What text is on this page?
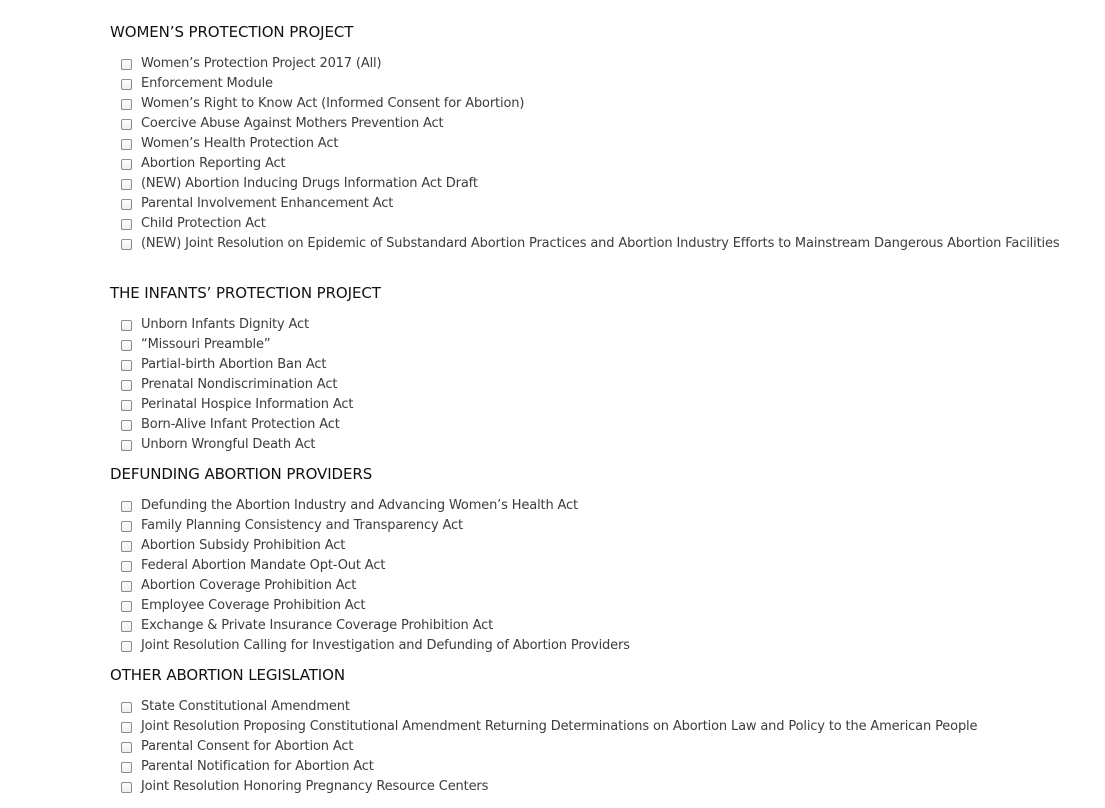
WOMEN’S PROTECTION PROJECT
Women’s Protection Project 2017 (All)
Enforcement Module
Women’s Right to Know Act (Informed Consent for Abortion)
Coercive Abuse Against Mothers Prevention Act
Women’s Health Protection Act
Abortion Reporting Act
(NEW) Abortion Inducing Drugs Information Act Draft
Parental Involvement Enhancement Act
Child Protection Act
(NEW) Joint Resolution on Epidemic of Substandard Abortion Practices and Abortion Industry Efforts to Mainstream Dangerous Abortion Facilities
THE INFANTS’ PROTECTION PROJECT
Unborn Infants Dignity Act
“Missouri Preamble”
Partial-birth Abortion Ban Act
Prenatal Nondiscrimination Act
Perinatal Hospice Information Act
Born-Alive Infant Protection Act
Unborn Wrongful Death Act
DEFUNDING ABORTION PROVIDERS
Defunding the Abortion Industry and Advancing Women’s Health Act
Family Planning Consistency and Transparency Act
Abortion Subsidy Prohibition Act
Federal Abortion Mandate Opt-Out Act
Abortion Coverage Prohibition Act
Employee Coverage Prohibition Act
Exchange & Private Insurance Coverage Prohibition Act
Joint Resolution Calling for Investigation and Defunding of Abortion Providers
OTHER ABORTION LEGISLATION
State Constitutional Amendment
Joint Resolution Proposing Constitutional Amendment Returning Determinations on Abortion Law and Policy to the American People
Parental Consent for Abortion Act
Parental Notification for Abortion Act
Joint Resolution Honoring Pregnancy Resource Centers
